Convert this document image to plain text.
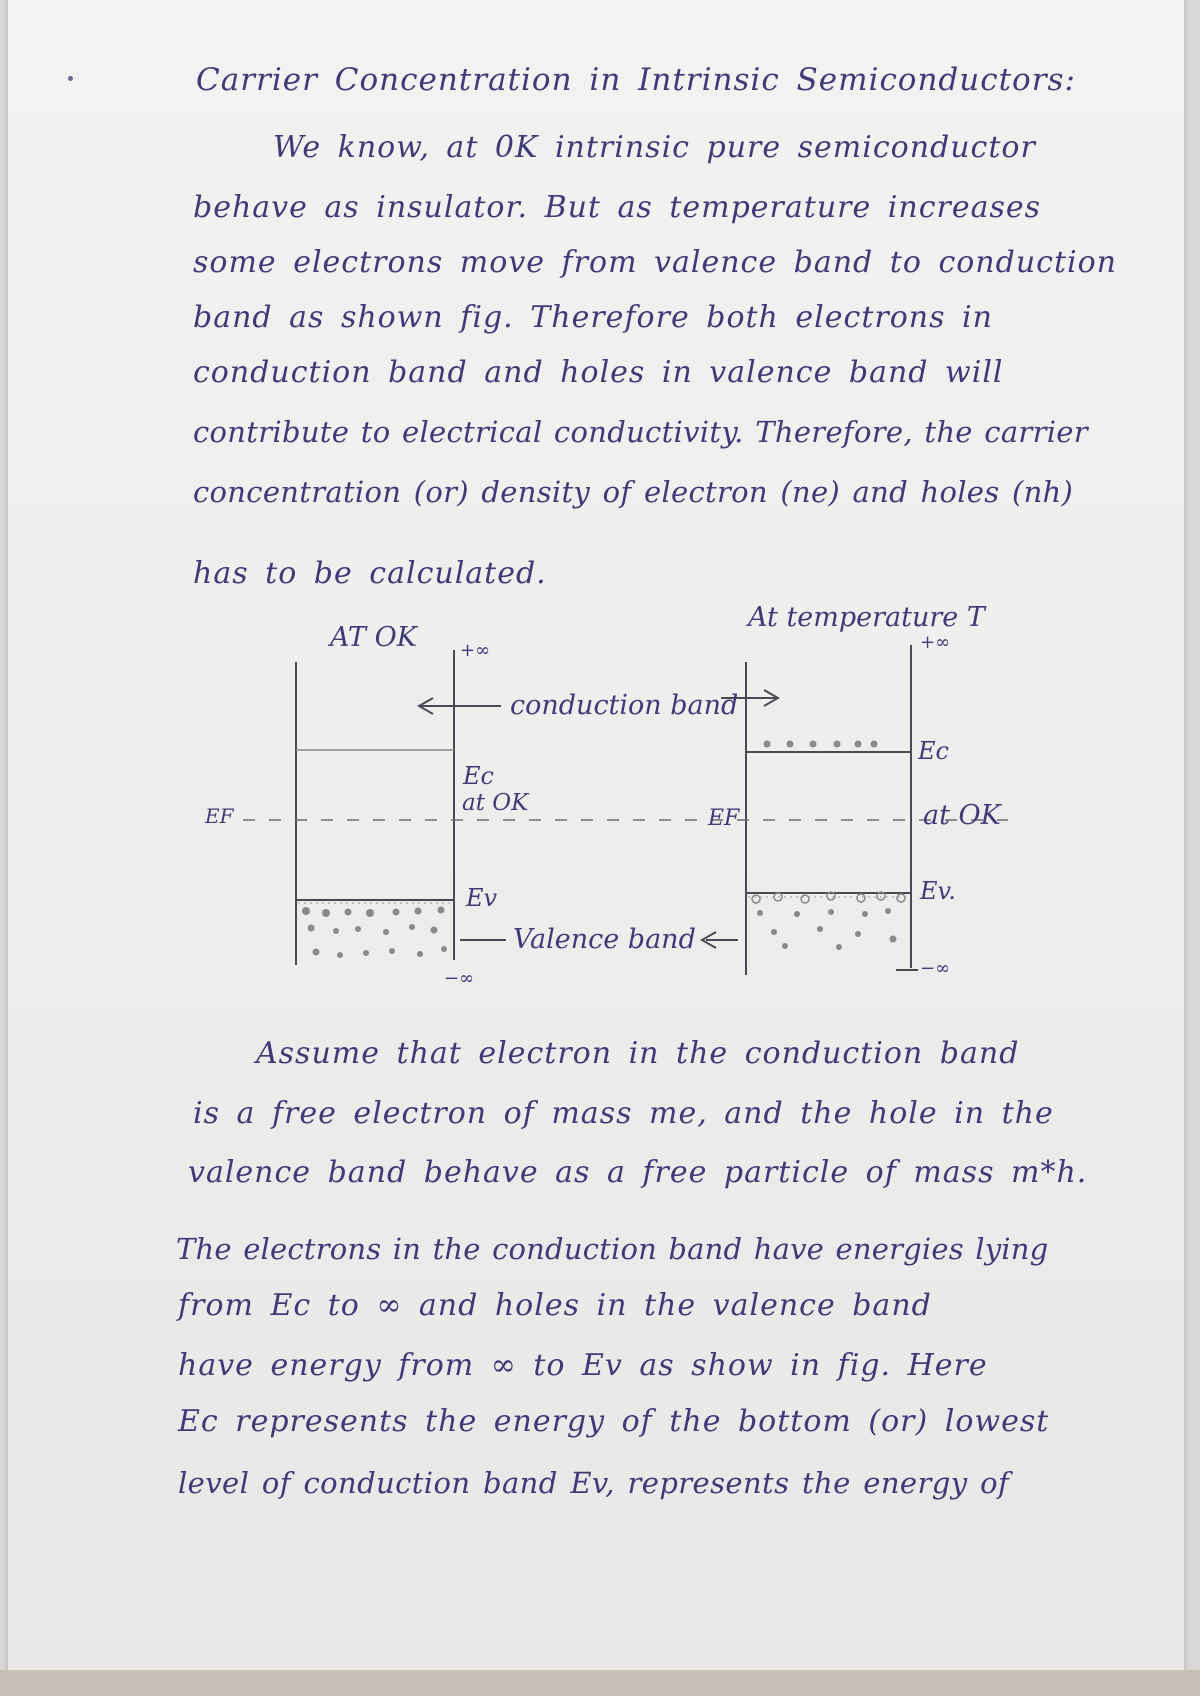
Carrier Concentration in Intrinsic Semiconductors:
We know, at 0K intrinsic pure semiconductor
behave as insulator. But as temperature increases
some electrons move from valence band to conduction
band as shown fig. Therefore both electrons in
conduction band and holes in valence band will
contribute to electrical conductivity. Therefore, the carrier
concentration (or) density of electron (ne) and holes (nh)
has to be calculated.
AT OK
At temperature T
+∞	+∞
conduction band
Ec
Ec
EF	at OK
EF	at OK
Ev	Ev.
Valence band
−∞	−∞
Assume that electron in the conduction band
is a free electron of mass me, and the hole in the
valence band behave as a free particle of mass m*h.
The electrons in the conduction band have energies lying
from Ec to ∞ and holes in the valence band
have energy from ∞ to Ev as show in fig. Here
Ec represents the energy of the bottom (or) lowest
level of conduction band Ev, represents the energy of
